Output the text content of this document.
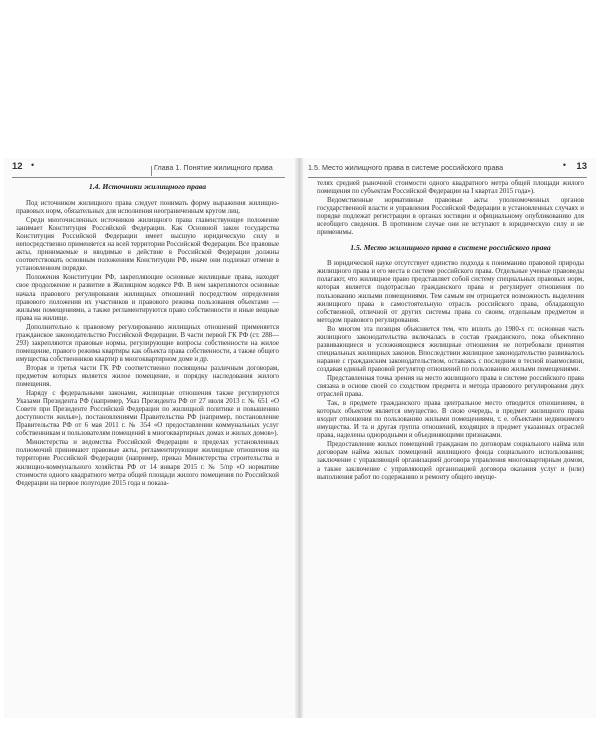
12 •	Глава 1. Понятие жилищного права
1.4. Источники жилищного права

Под источником жилищного права следует понимать форму выражения жилищно-правовых норм, обязательных для исполнения неограниченным кругом лиц.

Среди многочисленных источников жилищного права главенствующее положение занимает Конституция Российской Федерации. Как Основной закон государства Конституция Российской Федерации имеет высшую юридическую силу и непосредственно применяется на всей территории Российской Федерации. Все правовые акты, принимаемые и вводимые в действие в Российской Федерации должны соответствовать основным положениям Конституции РФ, иначе они подлежат отмене в установленном порядке.

Положения Конституции РФ, закрепляющие основные жилищные права, находят свое продолжение и развитие в Жилищном кодексе РФ. В нем закрепляются основные начала правового регулирования жилищных отношений посредством определения правового положения их участников и правового режима пользования объектами — жилыми помещениями, а также регламентируются право собственности и иные вещные права на жилище.

Дополнительно к правовому регулированию жилищных отношений применяется гражданское законодательство Российской Федерации. В части первой ГК РФ (ст. 288—293) закрепляются правовые нормы, регулирующие вопросы собственности на жилое помещение, правого режима квартиры как объекта права собственности, а также общего имущества собственников квартир в многоквартирном доме и др.

Вторая и третья части ГК РФ соответственно посвящены различным договорам, предметом которых является жилое помещение, и порядку наследования жилого помещения.

Наряду с федеральными законами, жилищные отношения также регулируются Указами Президента РФ (например, Указ Президента РФ от 27 июля 2013 г. № 651 «О Совете при Президенте Российской Федерации по жилищной политике и повышению доступности жилья»), постановлениями Правительства РФ (например, постановление Правительства РФ от 6 мая 2011 г. № 354 «О предоставлении коммунальных услуг собственникам и пользователям помещений в многоквартирных домах и жилых домов»).

Министерства и ведомства Российской Федерации в пределах установленных полномочий принимают правовые акты, регламентирующие жилищные отношения на территории Российской Федерации (например, приказ Министерства строительства и жилищно-коммунального хозяйства РФ от 14 января 2015 г. № 5/пр «О нормативе стоимости одного квадратного метра общей площади жилого помещения по Российской Федерации на первое полугодие 2015 года и показа-

1.5. Место жилищного права в системе российского права	• 13

телях средней рыночной стоимости одного квадратного метра общей площади жилого помещения по субъектам Российской Федерации на I квартал 2015 года»).

Ведомственные нормативные правовые акты уполномоченных органов государственной власти и управления Российской Федерации в установленных случаях и порядке подлежат регистрации в органах юстиции и официальному опубликованию для всеобщего сведения. В противном случае они не вступают в юридическую силу и не применимы.

1.5. Место жилищного права в системе российского права

В юридической науке отсутствует единство подхода к пониманию правовой природы жилищного права и его места в системе российского права. Отдельные ученые правоведы полагают, что жилищное право представляет собой систему специальных правовых норм, которая является подотраслью гражданского права и регулирует отношения по пользованию жилыми помещениями. Тем самым им отрицается возможность выделения жилищного права в самостоятельную отрасль российского права, обладающую собственной, отличной от других системы права со своим, отдельным предметом и методом правового регулирования.

Во многом эта позиция объясняется тем, что вплоть до 1980-х гг. основная часть жилищного законодательства включалась в состав гражданского, пока объективно развивающиеся и усложняющиеся жилищные отношения не потребовали принятия специальных жилищных законов. Впоследствии жилищное законодательство развивалось наравне с гражданским законодательством, оставаясь с последним в тесной взаимосвязи, создавая единый правовой регулятор отношений по пользованию жилыми помещениями.

Представленная точка зрения на место жилищного права в системе российского права связана в основе своей со сходством предмета и метода правового регулирования двух отраслей права.

Так, в предмете гражданского права центральное место отводится отношениям, в которых объектом является имущество. В свою очередь, в предмет жилищного права входит отношения по пользованию жилыми помещениями, т. е. объектами недвижимого имущества. И та и другая группа отношений, входящих в предмет указанных отраслей права, наделены однородными и объединяющими признаками.

Предоставление жилых помещений гражданам по договорам социального найма или договорам найма жилых помещений жилищного фонда социального использования; заключение с управляющей организацией договора управления многоквартирным домом, а также заключение с управляющей организацией договора оказания услуг и (или) выполнения работ по содержанию и ремонту общего имуще-
